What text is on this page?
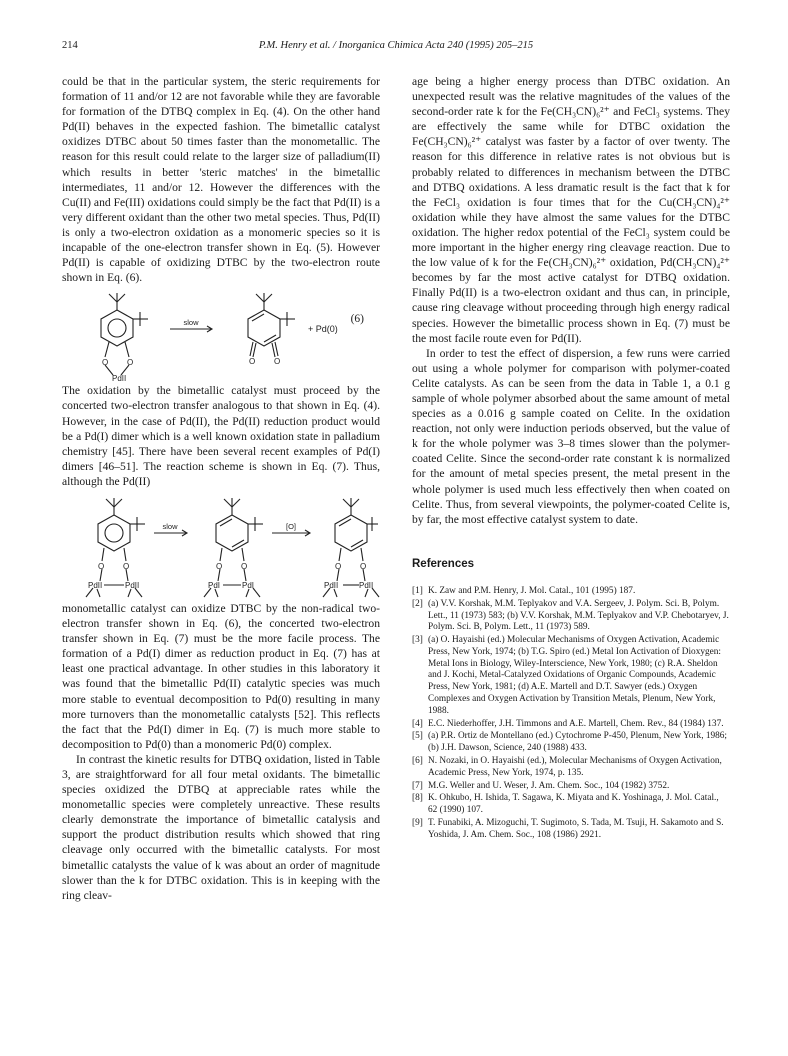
214	P.M. Henry et al. / Inorganica Chimica Acta 240 (1995) 205–215

could be that in the particular system, the steric requirements for formation of 11 and/or 12 are not favorable while they are favorable for formation of the DTBQ complex in Eq. (4). On the other hand Pd(II) behaves in the expected fashion. The bimetallic catalyst oxidizes DTBC about 50 times faster than the monometallic. The reason for this result could relate to the larger size of palladium(II) which results in better 'steric matches' in the bimetallic intermediates, 11 and/or 12. However the differences with the Cu(II) and Fe(III) oxidations could simply be the fact that Pd(II) is a very different oxidant than the other two metal species. Thus, Pd(II) is only a two-electron oxidation as a monomeric species so it is incapable of the one-electron transfer shown in Eq. (5). However Pd(II) is capable of oxidizing DTBC by the two-electron route shown in Eq. (6).

O O	O O
PdII
slow
+ Pd(0)
(6)

The oxidation by the bimetallic catalyst must proceed by the concerted two-electron transfer analogous to that shown in Eq. (4). However, in the case of Pd(II), the Pd(II) reduction product would be a Pd(I) dimer which is a well known oxidation state in palladium chemistry [45]. There have been several recent examples of Pd(I) dimers [46–51]. The reaction scheme is shown in Eq. (7). Thus, although the Pd(II)

O O	O O	O O
PdII	PdII	PdI	PdI	PdII	PdII
slow	[O]

monometallic catalyst can oxidize DTBC by the non-radical two-electron transfer shown in Eq. (6), the concerted two-electron transfer shown in Eq. (7) must be the more facile process. The formation of a Pd(I) dimer as reduction product in Eq. (7) has at least one practical advantage. In other studies in this laboratory it was found that the bimetallic Pd(II) catalytic species was much more stable to eventual decomposition to Pd(0) resulting in many more turnovers than the monometallic catalysts [52]. This reflects the fact that the Pd(I) dimer in Eq. (7) is much more stable to decomposition to Pd(0) than a monomeric Pd(0) complex.

In contrast the kinetic results for DTBQ oxidation, listed in Table 3, are straightforward for all four metal oxidants. The bimetallic species oxidized the DTBQ at appreciable rates while the monometallic species were completely unreactive. These results clearly demonstrate the importance of bimetallic catalysis and support the product distribution results which showed that ring cleavage only occurred with the bimetallic catalysts. For most bimetallic catalysts the value of k was about an order of magnitude slower than the k for DTBC oxidation. This is in keeping with the ring cleav-

age being a higher energy process than DTBC oxidation. An unexpected result was the relative magnitudes of the values of the second-order rate k for the Fe(CH₃CN)₆²⁺ and FeCl₃ systems. They are effectively the same while for DTBC oxidation the Fe(CH₃CN)₆²⁺ catalyst was faster by a factor of over twenty. The reason for this difference in relative rates is not obvious but is probably related to differences in mechanism between the DTBC and DTBQ oxidations. A less dramatic result is the fact that k for the FeCl₃ oxidation is four times that for the Cu(CH₃CN)₄²⁺ oxidation while they have almost the same values for the DTBC oxidation. The higher redox potential of the FeCl₃ system could be more important in the higher energy ring cleavage reaction. Due to the low value of k for the Fe(CH₃CN)₆²⁺ oxidation, Pd(CH₃CN)₄²⁺ becomes by far the most active catalyst for DTBQ oxidation. Finally Pd(II) is a two-electron oxidant and thus can, in principle, cause ring cleavage without proceeding through high energy radical species. However the bimetallic process shown in Eq. (7) must be the most facile route even for Pd(II).

In order to test the effect of dispersion, a few runs were carried out using a whole polymer for comparison with polymer-coated Celite catalysts. As can be seen from the data in Table 1, a 0.1 g sample of whole polymer absorbed about the same amount of metal species as a 0.016 g sample coated on Celite. In the oxidation reaction, not only were induction periods observed, but the value of k for the whole polymer was 3–8 times slower than the polymer-coated Celite. Since the second-order rate constant k is normalized for the amount of metal species present, the metal present in the whole polymer is used much less effectively then when coated on Celite. Thus, from several viewpoints, the polymer-coated Celite is, by far, the most effective catalyst system to date.

References
[1] K. Zaw and P.M. Henry, J. Mol. Catal., 101 (1995) 187.
[2] (a) V.V. Korshak, M.M. Teplyakov and V.A. Sergeev, J. Polym. Sci. B, Polym. Lett., 11 (1973) 583; (b) V.V. Korshak, M.M. Teplyakov and V.P. Chebotaryev, J. Polym. Sci. B, Polym. Lett., 11 (1973) 589.
[3] (a) O. Hayaishi (ed.) Molecular Mechanisms of Oxygen Activation, Academic Press, New York, 1974; (b) T.G. Spiro (ed.) Metal Ion Activation of Dioxygen: Metal Ions in Biology, Wiley-Interscience, New York, 1980; (c) R.A. Sheldon and J. Kochi, Metal-Catalyzed Oxidations of Organic Compounds, Academic Press, New York, 1981; (d) A.E. Martell and D.T. Sawyer (eds.) Oxygen Complexes and Oxygen Activation by Transition Metals, Plenum, New York, 1988.
[4] E.C. Niederhoffer, J.H. Timmons and A.E. Martell, Chem. Rev., 84 (1984) 137.
[5] (a) P.R. Ortiz de Montellano (ed.) Cytochrome P-450, Plenum, New York, 1986; (b) J.H. Dawson, Science, 240 (1988) 433.
[6] N. Nozaki, in O. Hayaishi (ed.), Molecular Mechanisms of Oxygen Activation, Academic Press, New York, 1974, p. 135.
[7] M.G. Weller and U. Weser, J. Am. Chem. Soc., 104 (1982) 3752.
[8] K. Ohkubo, H. Ishida, T. Sagawa, K. Miyata and K. Yoshinaga, J. Mol. Catal., 62 (1990) 107.
[9] T. Funabiki, A. Mizoguchi, T. Sugimoto, S. Tada, M. Tsuji, H. Sakamoto and S. Yoshida, J. Am. Chem. Soc., 108 (1986) 2921.
